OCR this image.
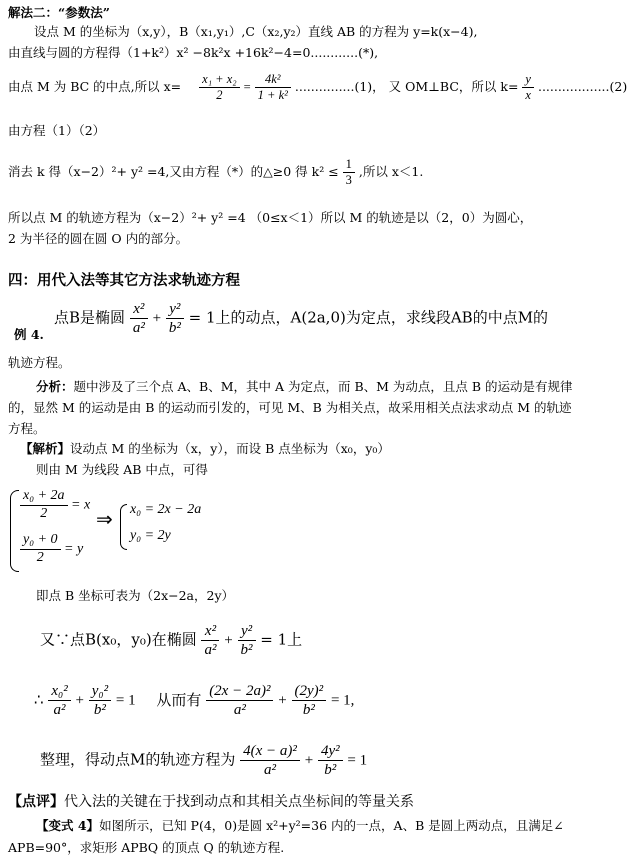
解法二：“参数法”
设点 M 的坐标为（x,y），B（x₁,y₁）,C（x₂,y₂）直线 AB 的方程为 y=k(x−4),
由直线与圆的方程得（1+k²）x² −8k²x +16k²−4=0............(*),
由点 M 为 BC 的中点,所以 $x= \frac{\text{x₁ + x₂}}{2} = \frac{\text{4k²}}{\text{1 + k²}} ...............(1)$， 又 OM⊥BC，所以 $k= \frac{y}{x} ..................(2)$
由方程（1）（2）
消去 k 得（x−2）²+ y² =4,又由方程（*）的△≥0 得 $k^2 \le \frac{1}{3}$ ,所以 x＜1.
所以点 M 的轨迹方程为（x−2）²+ y² =4 （0≤x＜1）所以 M 的轨迹是以（2，0）为圆心，
2 为半径的圆在圆 O 内的部分。
四：用代入法等其它方法求轨迹方程
点B是椭圆 $\frac{\text{x²}}{\text{a²}} + \frac{\text{y²}}{\text{b²}} = 1$上的动点，A(2a,0)为定点，求线段AB的中点M的
例 4.
轨迹方程。
分析：题中涉及了三个点 A、B、M，其中 A 为定点，而 B、M 为动点，且点 B 的运动是有规律
的，显然 M 的运动是由 B 的运动而引发的，可见 M、B 为相关点，故采用相关点法求动点 M 的轨迹
方程。
【解析】设动点 M 的坐标为（x，y），而设 B 点坐标为（x₀，y₀）
则由 M 为线段 AB 中点，可得
$\frac{\text{x₀ + 2a}}{2} = x$
$\frac{\text{y₀ + 0}}{2} = y$
⇒ x₀ = 2x − 2a
y₀ = 2y
即点 B 坐标可表为（2x−2a，2y）
又∵点B(x₀，y₀)在椭圆 $\frac{\text{x²}}{\text{a²}} + \frac{\text{y²}}{\text{b²}} = 1$上
∴ $\frac{\text{x₀²}}{\text{a²}} + \frac{\text{y₀²}}{\text{b²}} = 1$ 从而有 $\frac{\text{(2x − 2a)²}}{\text{a²}} + \frac{\text{(2y)²}}{\text{b²}} = 1$,
整理，得动点M的轨迹方程为 $\frac{\text{4(x − a)²}}{\text{a²}} + \frac{\text{4y²}}{\text{b²}} = 1$
【点评】代入法的关键在于找到动点和其相关点坐标间的等量关系
【变式 4】如图所示，已知 P(4，0)是圆 x²+y²=36 内的一点，A、B 是圆上两动点，且满足∠
APB=90°，求矩形 APBQ 的顶点 Q 的轨迹方程.
